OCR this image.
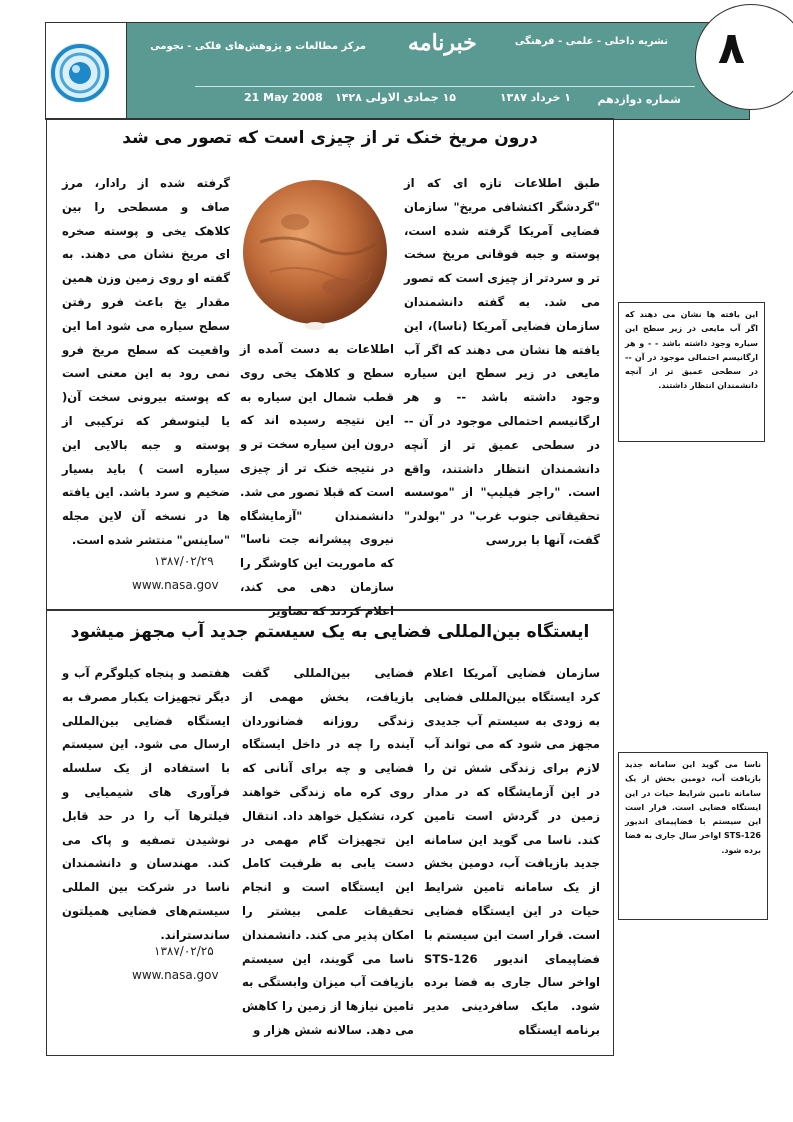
۸
نشریه داخلی - علمی - فرهنگی
خبرنامه
مرکز مطالعات و پژوهش‌های فلکی - نجومی
شماره دوازدهم
۱ خرداد ۱۳۸۷
۱۵ جمادی الاولی ۱۴۲۸
21 May 2008
درون مریخ خنک تر از چیزی است که تصور می شد

طبق اطلاعات تازه ای که از "گردشگر اکتشافی مریخ" سازمان فضایی آمریکا گرفته شده است، پوسته و جبه فوقانی مریخ سخت تر و سردتر از چیزی است که تصور می شد. به گفته دانشمندان سازمان فضایی آمریکا (ناسا)، این یافته ها نشان می دهند که اگر آب مایعی در زیر سطح این سیاره وجود داشته باشد -- و هر ارگانیسم احتمالی موجود در آن -- در سطحی عمیق تر از آنچه دانشمندان انتظار داشتند، واقع است. "راجر فیلیپ" از "موسسه تحقیقاتی جنوب غرب" در "بولدر" گفت، آنها با بررسی

اطلاعات به دست آمده از سطح و کلاهک یخی روی قطب شمال این سیاره به این نتیجه رسیده اند که درون این سیاره سخت تر و در نتیجه خنک تر از چیزی است که قبلا تصور می شد. دانشمندان "آزمایشگاه نیروی پیشرانه جت ناسا" که ماموریت این کاوشگر را سازمان دهی می کند، اعلام کردند که تصاویر

گرفته شده از رادار، مرز صاف و مسطحی را بین کلاهک یخی و پوسته صخره ای مریخ نشان می دهند. به گفته او روی زمین وزن همین مقدار یخ باعث فرو رفتن سطح سیاره می شود اما این واقعیت که سطح مریخ فرو نمی رود به این معنی است که پوسته بیرونی سخت آن( یا لیتوسفر که ترکیبی از پوسته و جبه بالایی این سیاره است ) باید بسیار ضخیم و سرد باشد. این یافته ها در نسخه آن لاین مجله "ساینس" منتشر شده است.

۱۳۸۷/۰۲/۲۹
www.nasa.gov
این یافته ها نشان می دهند که اگر آب مایعی در زیر سطح این سیاره وجود داشته باشد - - و هر ارگانیسم احتمالی موجود در آن -- در سطحی عمیق تر از آنچه دانشمندان انتظار داشتند.
ایستگاه بین‌المللی فضایی به یک سیستم جدید آب مجهز میشود

سازمان فضایی آمریکا اعلام کرد ایستگاه بین‌المللی فضایی به زودی به سیستم آب جدیدی مجهز می شود که می تواند آب لازم برای زندگی شش تن را در این آزمایشگاه که در مدار زمین در گردش است تامین کند. ناسا می گوید این سامانه جدید بازیافت آب، دومین بخش از یک سامانه تامین شرایط حیات در این ایستگاه فضایی است. قرار است این سیستم با فضاپیمای اندیور STS-126 اواخر سال جاری به فضا برده شود. مایک سافردینی مدیر برنامه ایستگاه

فضایی بین‌المللی گفت بازیافت، بخش مهمی از زندگی روزانه فضانوردان آینده را چه در داخل ایستگاه فضایی و چه برای آنانی که روی کره ماه زندگی خواهند کرد، تشکیل خواهد داد. انتقال این تجهیزات گام مهمی در دست یابی به ظرفیت کامل این ایستگاه است و انجام تحقیقات علمی بیشتر را امکان پذیر می کند. دانشمندان ناسا می گویند، این سیستم بازیافت آب میزان وابستگی به تامین نیازها از زمین را کاهش می دهد. سالانه شش هزار و

هفتصد و پنجاه کیلوگرم آب و دیگر تجهیزات یکبار مصرف به ایستگاه فضایی بین‌المللی ارسال می شود. این سیستم با استفاده از یک سلسله فرآوری های شیمیایی و فیلترها آب را در حد قابل نوشیدن تصفیه و پاک می کند. مهندسان و دانشمندان ناسا در شرکت بین المللی سیستم‌های فضایی همیلتون ساندستراند.

۱۳۸۷/۰۲/۲۵
www.nasa.gov
ناسا می گوید این سامانه جدید بازیافت آب، دومین بخش از یک سامانه تامین شرایط حیات در این ایستگاه فضایی است. قرار است این سیستم با فضاپیمای اندیور STS-126 اواخر سال جاری به فضا برده شود.
